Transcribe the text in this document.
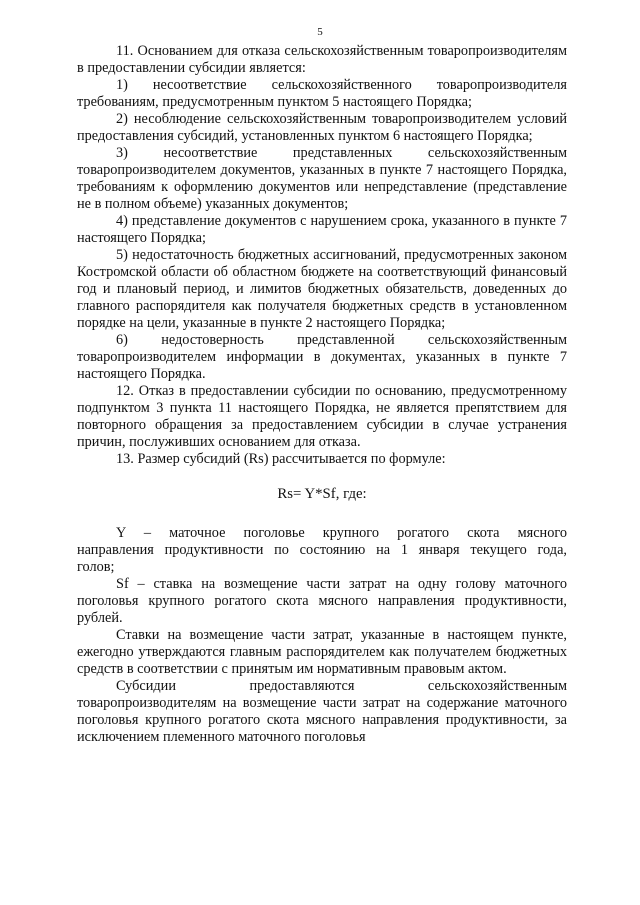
5

11. Основанием для отказа сельскохозяйственным товаропроизводителям в предоставлении субсидии является:

1) несоответствие сельскохозяйственного товаропроизводителя требованиям, предусмотренным пунктом 5 настоящего Порядка;

2) несоблюдение сельскохозяйственным товаропроизводителем условий предоставления субсидий, установленных пунктом 6 настоящего Порядка;

3) несоответствие представленных сельскохозяйственным товаропроизводителем документов, указанных в пункте 7 настоящего Порядка, требованиям к оформлению документов или непредставление (представление не в полном объеме) указанных документов;

4) представление документов с нарушением срока, указанного в пункте 7 настоящего Порядка;

5) недостаточность бюджетных ассигнований, предусмотренных законом Костромской области об областном бюджете на соответствующий финансовый год и плановый период, и лимитов бюджетных обязательств, доведенных до главного распорядителя как получателя бюджетных средств в установленном порядке на цели, указанные в пункте 2 настоящего Порядка;

6) недостоверность представленной сельскохозяйственным товаропроизводителем информации в документах, указанных в пункте 7 настоящего Порядка.

12. Отказ в предоставлении субсидии по основанию, предусмотренному подпунктом 3 пункта 11 настоящего Порядка, не является препятствием для повторного обращения за предоставлением субсидии в случае устранения причин, послуживших основанием для отказа.

13. Размер субсидий (Rs) рассчитывается по формуле:

Rs= Y*Sf, где:

Y – маточное поголовье крупного рогатого скота мясного направления продуктивности по состоянию на 1 января текущего года, голов;

Sf – ставка на возмещение части затрат на одну голову маточного поголовья крупного рогатого скота мясного направления продуктивности, рублей.

Ставки на возмещение части затрат, указанные в настоящем пункте, ежегодно утверждаются главным распорядителем как получателем бюджетных средств в соответствии с принятым им нормативным правовым актом.

Субсидии предоставляются сельскохозяйственным товаропроизводителям на возмещение части затрат на содержание маточного поголовья крупного рогатого скота мясного направления продуктивности, за исключением племенного маточного поголовья
